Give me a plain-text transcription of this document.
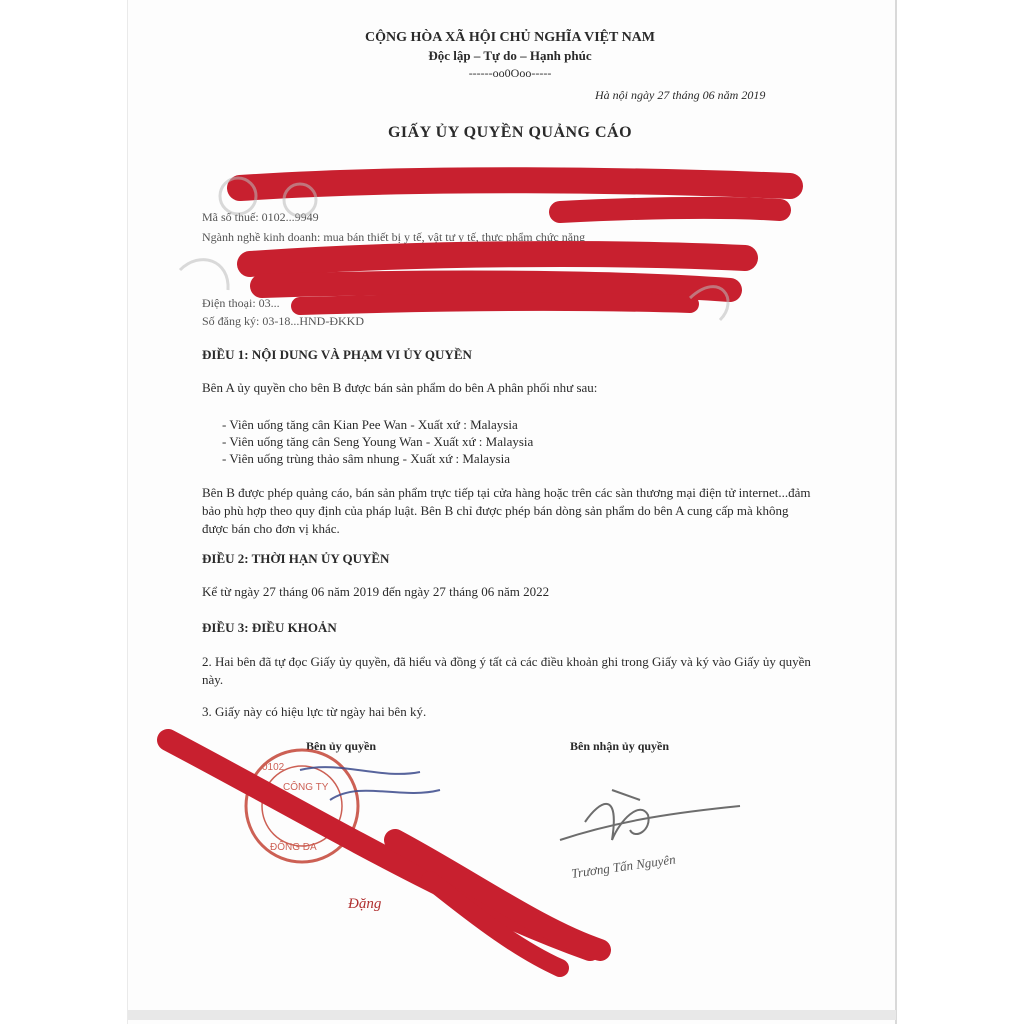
CỘNG HÒA XÃ HỘI CHỦ NGHĨA VIỆT NAM
Độc lập – Tự do – Hạnh phúc
------oo0Ooo-----
Hà nội ngày 27 tháng 06 năm 2019
GIẤY ỦY QUYỀN QUẢNG CÁO
Mã số thuế: 0102...9949
Ngành nghề kinh doanh: mua bán thiết bị y tế, vật tư y tế, thực phẩm chức năng
Điện thoại: 03...
Số đăng ký: 03-18...HND-ĐKKD
ĐIỀU 1: NỘI DUNG VÀ PHẠM VI ỦY QUYỀN
Bên A ủy quyền cho bên B được bán sản phẩm do bên A phân phối như sau:
- Viên uống tăng cân Kian Pee Wan - Xuất xứ : Malaysia
- Viên uống tăng cân Seng Young Wan - Xuất xứ : Malaysia
- Viên uống trùng thảo sâm nhung - Xuất xứ : Malaysia
Bên B được phép quảng cáo, bán sản phẩm trực tiếp tại cửa hàng hoặc trên các sàn thương mại điện tử internet...đảm bảo phù hợp theo quy định của pháp luật. Bên B chỉ được phép bán dòng sản phẩm do bên A cung cấp mà không được bán cho đơn vị khác.
ĐIỀU 2: THỜI HẠN ỦY QUYỀN
Kể từ ngày 27 tháng 06 năm 2019 đến ngày 27 tháng 06 năm 2022
ĐIỀU 3: ĐIỀU KHOẢN
2. Hai bên đã tự đọc Giấy ủy quyền, đã hiểu và đồng ý tất cả các điều khoản ghi trong Giấy và ký vào Giấy ủy quyền này.
3. Giấy này có hiệu lực từ ngày hai bên ký.
Bên ủy quyền	Bên nhận ủy quyền
0102
ĐỐNG ĐA
CÔNG TY
Đặng
Trương Tấn Nguyên
